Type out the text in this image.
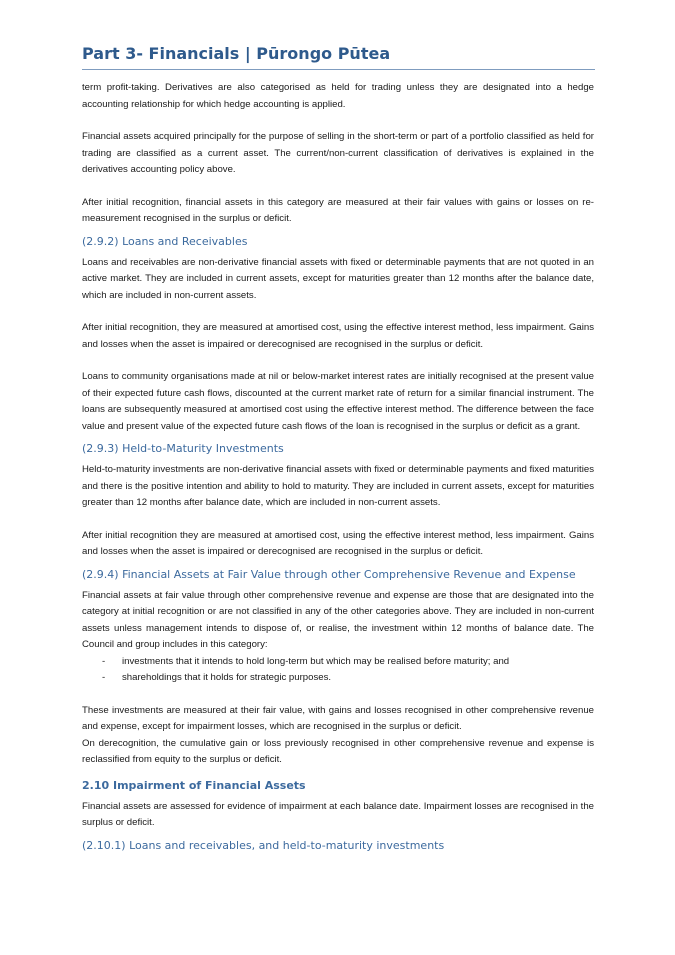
Part 3- Financials | Pūrongo Pūtea

term profit-taking. Derivatives are also categorised as held for trading unless they are designated into a hedge accounting relationship for which hedge accounting is applied.

Financial assets acquired principally for the purpose of selling in the short-term or part of a portfolio classified as held for trading are classified as a current asset. The current/non-current classification of derivatives is explained in the derivatives accounting policy above.

After initial recognition, financial assets in this category are measured at their fair values with gains or losses on re-measurement recognised in the surplus or deficit.

(2.9.2) Loans and Receivables

Loans and receivables are non-derivative financial assets with fixed or determinable payments that are not quoted in an active market. They are included in current assets, except for maturities greater than 12 months after the balance date, which are included in non-current assets.

After initial recognition, they are measured at amortised cost, using the effective interest method, less impairment. Gains and losses when the asset is impaired or derecognised are recognised in the surplus or deficit.

Loans to community organisations made at nil or below-market interest rates are initially recognised at the present value of their expected future cash flows, discounted at the current market rate of return for a similar financial instrument. The loans are subsequently measured at amortised cost using the effective interest method. The difference between the face value and present value of the expected future cash flows of the loan is recognised in the surplus or deficit as a grant.

(2.9.3) Held-to-Maturity Investments

Held-to-maturity investments are non-derivative financial assets with fixed or determinable payments and fixed maturities and there is the positive intention and ability to hold to maturity. They are included in current assets, except for maturities greater than 12 months after balance date, which are included in non-current assets.

After initial recognition they are measured at amortised cost, using the effective interest method, less impairment. Gains and losses when the asset is impaired or derecognised are recognised in the surplus or deficit.

(2.9.4) Financial Assets at Fair Value through other Comprehensive Revenue and Expense

Financial assets at fair value through other comprehensive revenue and expense are those that are designated into the category at initial recognition or are not classified in any of the other categories above. They are included in non-current assets unless management intends to dispose of, or realise, the investment within 12 months of balance date. The Council and group includes in this category:

- investments that it intends to hold long-term but which may be realised before maturity; and
- shareholdings that it holds for strategic purposes.

These investments are measured at their fair value, with gains and losses recognised in other comprehensive revenue and expense, except for impairment losses, which are recognised in the surplus or deficit.

On derecognition, the cumulative gain or loss previously recognised in other comprehensive revenue and expense is reclassified from equity to the surplus or deficit.

2.10 Impairment of Financial Assets

Financial assets are assessed for evidence of impairment at each balance date. Impairment losses are recognised in the surplus or deficit.

(2.10.1) Loans and receivables, and held-to-maturity investments
